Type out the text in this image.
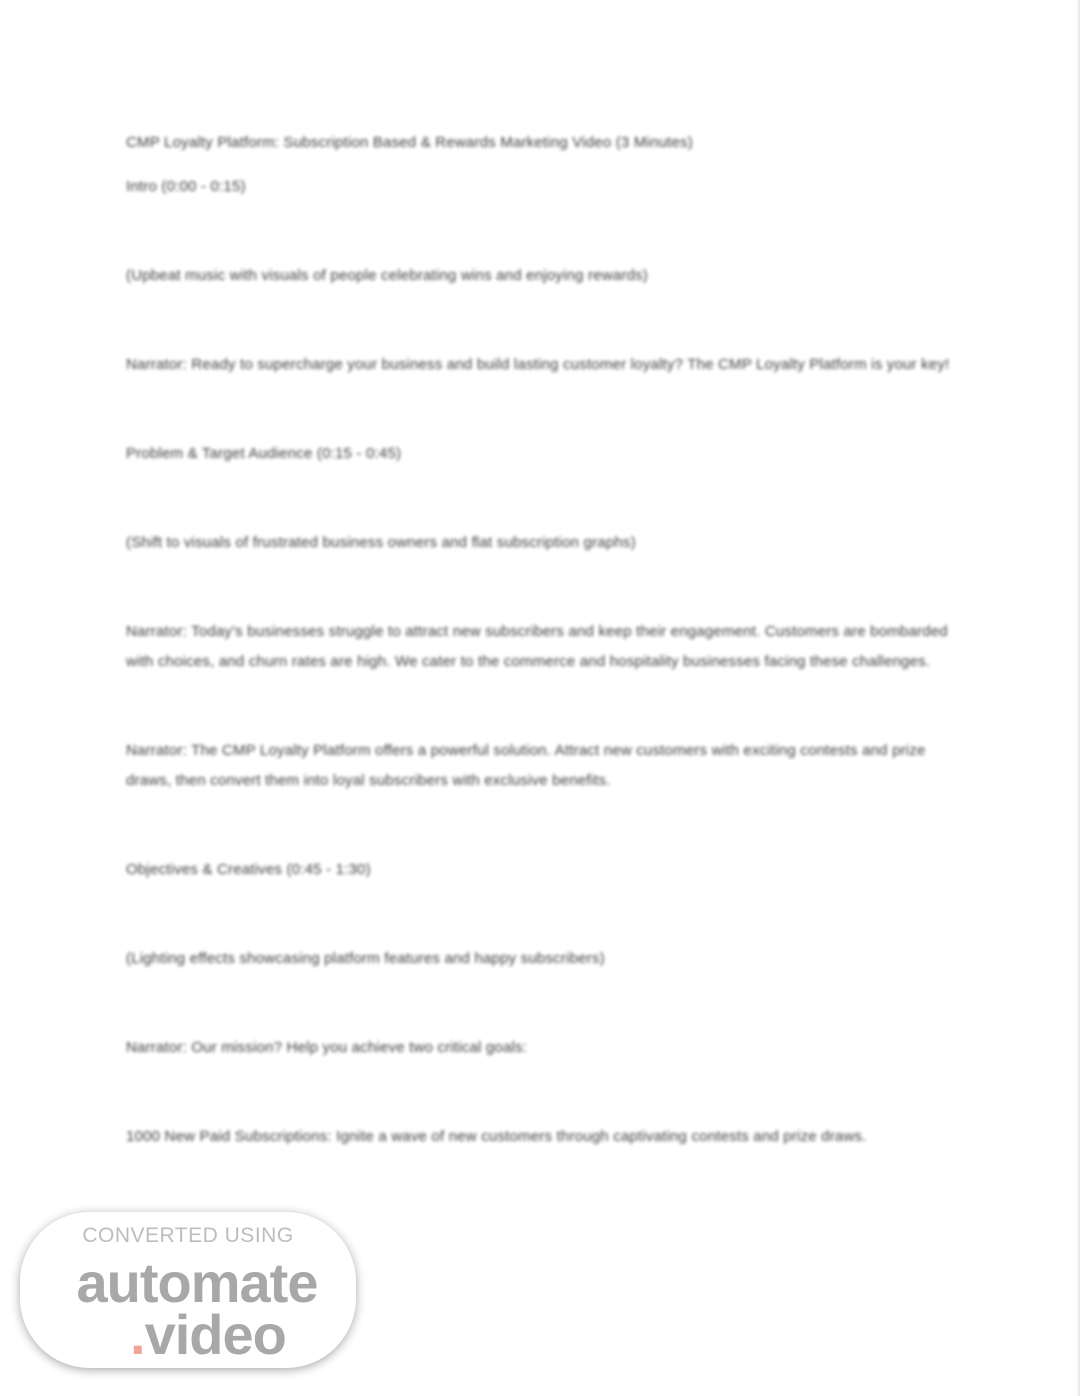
CMP Loyalty Platform: Subscription Based & Rewards Marketing Video (3 Minutes)

Intro (0:00 - 0:15)

(Upbeat music with visuals of people celebrating wins and enjoying rewards)

Narrator: Ready to supercharge your business and build lasting customer loyalty? The CMP Loyalty Platform is your key!

Problem & Target Audience (0:15 - 0:45)

(Shift to visuals of frustrated business owners and flat subscription graphs)

Narrator: Today's businesses struggle to attract new subscribers and keep their engagement. Customers are bombarded with choices, and churn rates are high. We cater to the commerce and hospitality businesses facing these challenges.

Narrator: The CMP Loyalty Platform offers a powerful solution. Attract new customers with exciting contests and prize draws, then convert them into loyal subscribers with exclusive benefits.

Objectives & Creatives (0:45 - 1:30)

(Lighting effects showcasing platform features and happy subscribers)

Narrator: Our mission? Help you achieve two critical goals:

1000 New Paid Subscriptions: Ignite a wave of new customers through captivating contests and prize draws.

CONVERTED USING
automate
.video
